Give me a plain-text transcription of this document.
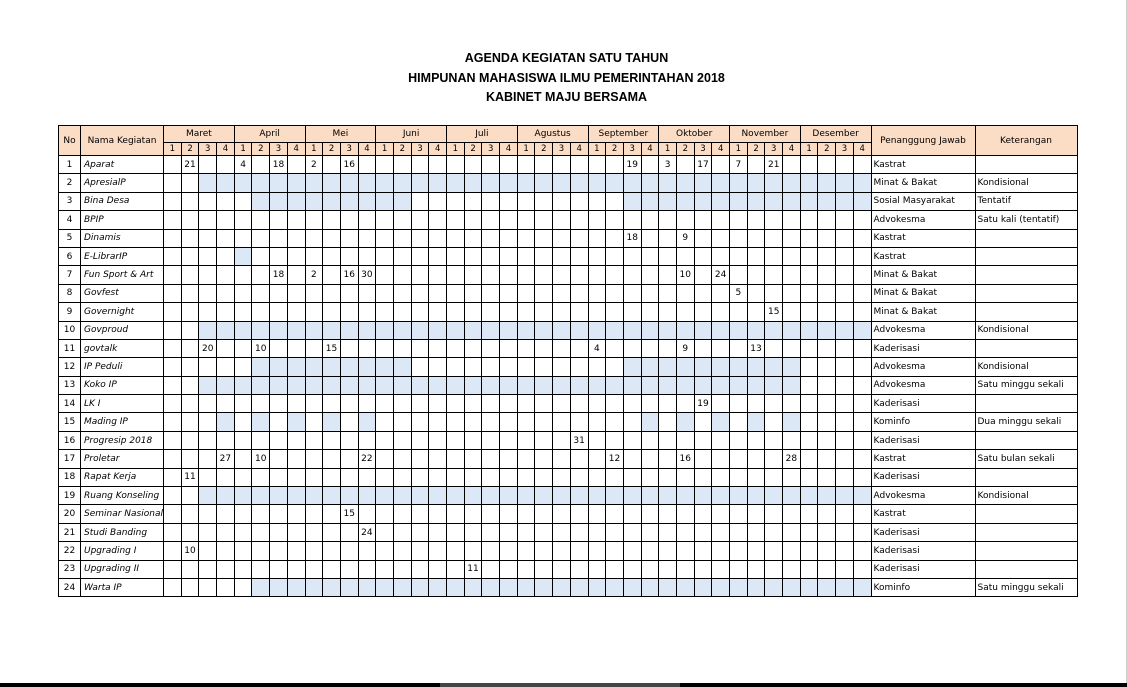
AGENDA KEGIATAN SATU TAHUN
HIMPUNAN MAHASISWA ILMU PEMERINTAHAN 2018
KABINET MAJU BERSAMA
No	Nama Kegiatan	Maret				April				Mei				Juni				Juli				Agustus				September				Oktober				November				Desember				Penanggung Jawab	Keterangan
		1	2	3	4	1	2	3	4	1	2	3	4	1	2	3	4	1	2	3	4	1	2	3	4	1	2	3	4	1	2	3	4	1	2	3	4	1	2	3	4		
1	Aparat		21			4		18		2		16																19		3		17		7		21						Kastrat	
2	ApresialP																																									Minat & Bakat	Kondisional
3	Bina Desa																																									Sosial Masyarakat	Tentatif
4	BPIP																																									Advokesma	Satu kali (tentatif)
5	Dinamis																											18			9											Kastrat	
6	E-LibrarIP																																									Kastrat	
7	Fun Sport & Art							18		2		16	30																		10		24									Minat & Bakat	
8	Govfest																																	5								Minat & Bakat	
9	Governight																																			15						Minat & Bakat	
10	Govproud																																									Advokesma	Kondisional
11	govtalk			20			10				15															4					9				13							Kaderisasi	
12	IP Peduli																																									Advokesma	Kondisional
13	Koko IP																																									Advokesma	Satu minggu sekali
14	LK I																															19										Kaderisasi	
15	Mading IP																																									Kominfo	Dua minggu sekali
16	Progresip 2018																								31																	Kaderisasi	
17	Proletar				27		10						22														12				16						28					Kastrat	Satu bulan sekali
18	Rapat Kerja		11																																							Kaderisasi	
19	Ruang Konseling																																									Advokesma	Kondisional
20	Seminar Nasional											15																														Kastrat	
21	Studi Banding												24																													Kaderisasi	
22	Upgrading I		10																																							Kaderisasi	
23	Upgrading II																		11																							Kaderisasi	
24	Warta IP																																									Kominfo	Satu minggu sekali
